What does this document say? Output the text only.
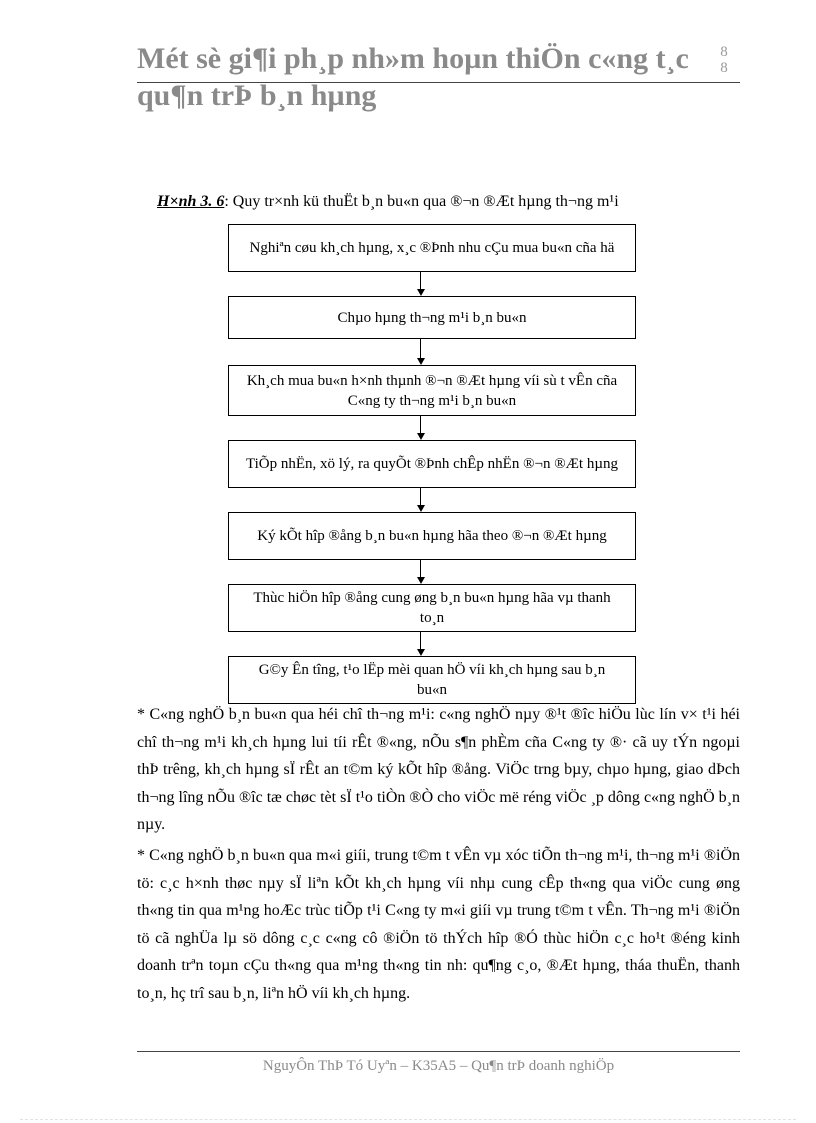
Mét sè gi¶i ph¸p nh»m hoµn thiÖn c«ng t¸c qu¶n trÞ b¸n hµng
8
8
H×nh 3. 6: Quy tr×nh kü thuËt b¸n bu«n qua ®¬n ®Æt hµng th¬ng m¹i
Nghiªn cøu kh¸ch hµng, x¸c ®Þnh nhu cÇu mua bu«n cña hä
Chµo hµng th¬ng m¹i b¸n bu«n
Kh¸ch mua bu«n h×nh thµnh ®¬n ®Æt hµng víi sù t vÊn cña C«ng ty th¬ng m¹i b¸n bu«n
TiÕp nhËn, xö lý, ra quyÕt ®Þnh chÊp nhËn ®¬n ®Æt hµng
Ký kÕt hîp ®ång b¸n bu«n hµng hãa theo ®¬n ®Æt hµng
Thùc hiÖn hîp ®ång cung øng b¸n bu«n hµng hãa vµ thanh to¸n
G©y Ên tîng, t¹o lËp mèi quan hÖ víi kh¸ch hµng sau b¸n bu«n

* C«ng nghÖ b¸n bu«n qua héi chî th¬ng m¹i: c«ng nghÖ nµy ®¹t ®îc hiÖu lùc lín v× t¹i héi chî th¬ng m¹i kh¸ch hµng lui tíi rÊt ®«ng, nÕu s¶n phÈm cña C«ng ty ®· cã uy tÝn ngoµi thÞ trêng, kh¸ch hµng sÏ rÊt an t©m ký kÕt hîp ®ång. ViÖc trng bµy, chµo hµng, giao dÞch th¬ng lîng nÕu ®îc tæ chøc tèt sÏ t¹o tiÒn ®Ò cho viÖc më réng viÖc ¸p dông c«ng nghÖ b¸n nµy.

* C«ng nghÖ b¸n bu«n qua m«i giíi, trung t©m t vÊn vµ xóc tiÕn th¬ng m¹i, th¬ng m¹i ®iÖn tö: c¸c h×nh thøc nµy sÏ liªn kÕt kh¸ch hµng víi nhµ cung cÊp th«ng qua viÖc cung øng th«ng tin qua m¹ng hoÆc trùc tiÕp t¹i C«ng ty m«i giíi vµ trung t©m t vÊn. Th¬ng m¹i ®iÖn tö cã nghÜa lµ sö dông c¸c c«ng cô ®iÖn tö thÝch hîp ®Ó thùc hiÖn c¸c ho¹t ®éng kinh doanh trªn toµn cÇu th«ng qua m¹ng th«ng tin nh: qu¶ng c¸o, ®Æt hµng, tháa thuËn, thanh to¸n, hç trî sau b¸n, liªn hÖ víi kh¸ch hµng.

NguyÔn ThÞ Tó Uyªn – K35A5 – Qu¶n trÞ doanh nghiÖp
